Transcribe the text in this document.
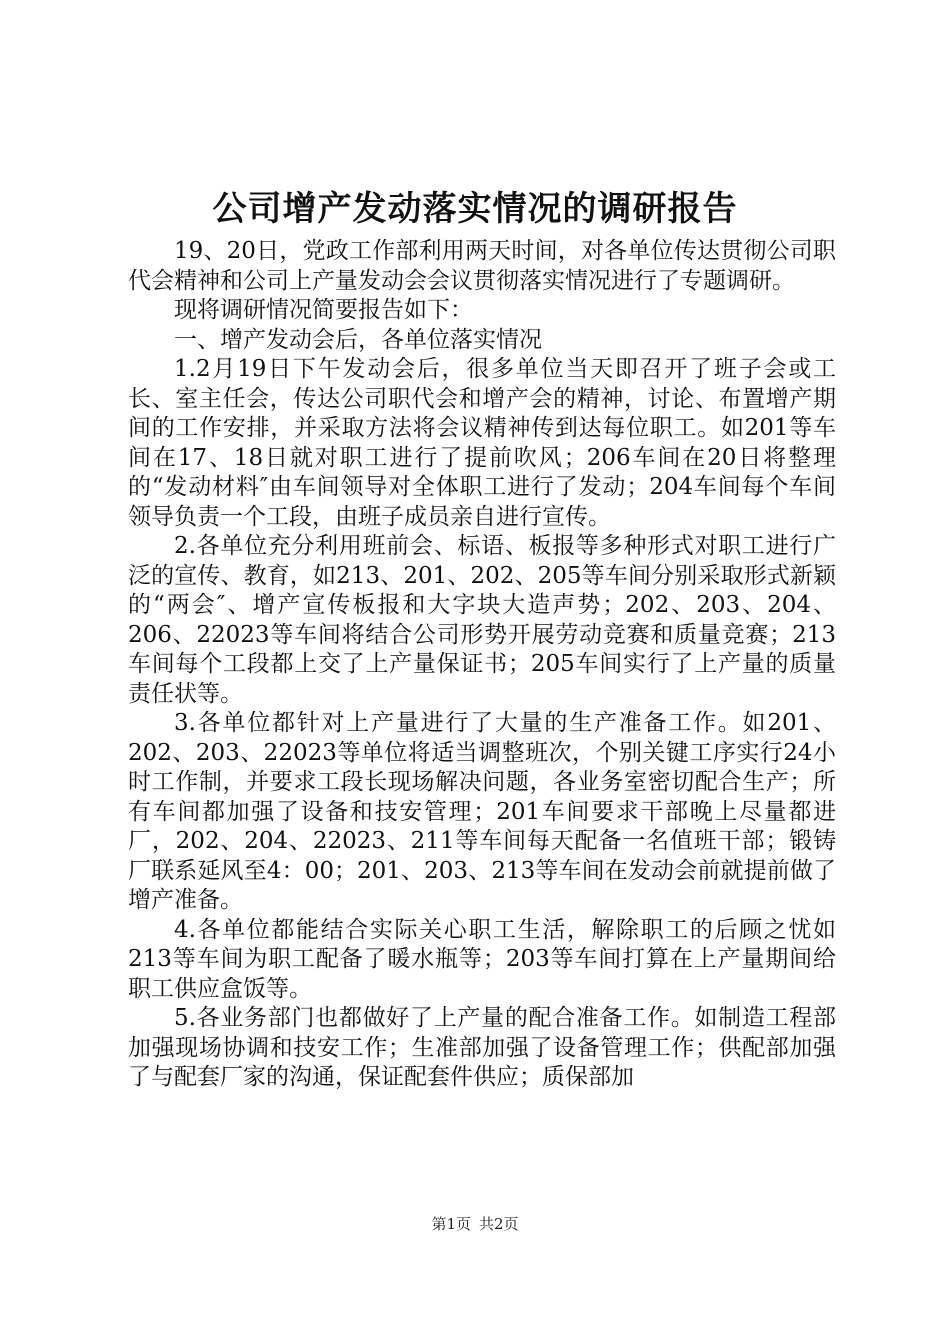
公司增产发动落实情况的调研报告

19、20日，党政工作部利用两天时间，对各单位传达贯彻公司职代会精神和公司上产量发动会会议贯彻落实情况进行了专题调研。

现将调研情况简要报告如下：

一、增产发动会后，各单位落实情况

1.2月19日下午发动会后，很多单位当天即召开了班子会或工长、室主任会，传达公司职代会和增产会的精神，讨论、布置增产期间的工作安排，并采取方法将会议精神传到达每位职工。如201等车间在17、18日就对职工进行了提前吹风；206车间在20日将整理的“发动材料″由车间领导对全体职工进行了发动；204车间每个车间领导负责一个工段，由班子成员亲自进行宣传。

2.各单位充分利用班前会、标语、板报等多种形式对职工进行广泛的宣传、教育，如213、201、202、205等车间分别采取形式新颖的“两会″、增产宣传板报和大字块大造声势；202、203、204、206、22023等车间将结合公司形势开展劳动竞赛和质量竞赛；213车间每个工段都上交了上产量保证书；205车间实行了上产量的质量责任状等。

3.各单位都针对上产量进行了大量的生产准备工作。如201、202、203、22023等单位将适当调整班次，个别关键工序实行24小时工作制，并要求工段长现场解决问题，各业务室密切配合生产；所有车间都加强了设备和技安管理；201车间要求干部晚上尽量都进厂，202、204、22023、211等车间每天配备一名值班干部；锻铸厂联系延风至4：00；201、203、213等车间在发动会前就提前做了增产准备。

4.各单位都能结合实际关心职工生活，解除职工的后顾之忧如213等车间为职工配备了暖水瓶等；203等车间打算在上产量期间给职工供应盒饭等。

5.各业务部门也都做好了上产量的配合准备工作。如制造工程部加强现场协调和技安工作；生准部加强了设备管理工作；供配部加强了与配套厂家的沟通，保证配套件供应；质保部加

第1页 共2页
